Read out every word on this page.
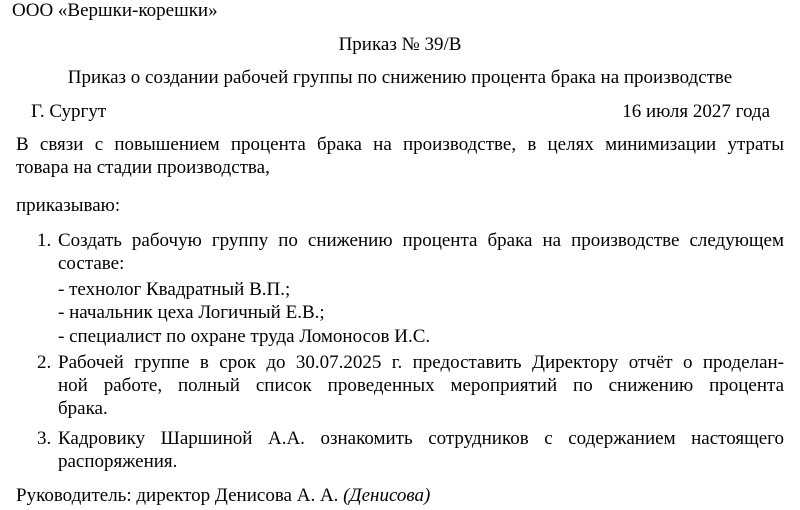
ООО «Вершки-корешки»
Приказ № 39/В
Приказ о создании рабочей группы по снижению процента брака на производстве
Г. Сургут	16 июля 2027 года
В связи с повышением процента брака на производстве, в целях минимизации утраты
товара на стадии производства,
приказываю:
1. Создать рабочую группу по снижению процента брака на производстве следующем
составе:
- технолог Квадратный В.П.;
- начальник цеха Логичный Е.В.;
- специалист по охране труда Ломоносов И.С.
2. Рабочей группе в срок до 30.07.2025 г. предоставить Директору отчёт о проделан-
ной работе, полный список проведенных мероприятий по снижению процента
брака.
3. Кадровику Шаршиной А.А. ознакомить сотрудников с содержанием настоящего
распоряжения.
Руководитель: директор Денисова А. А. (Денисова)
